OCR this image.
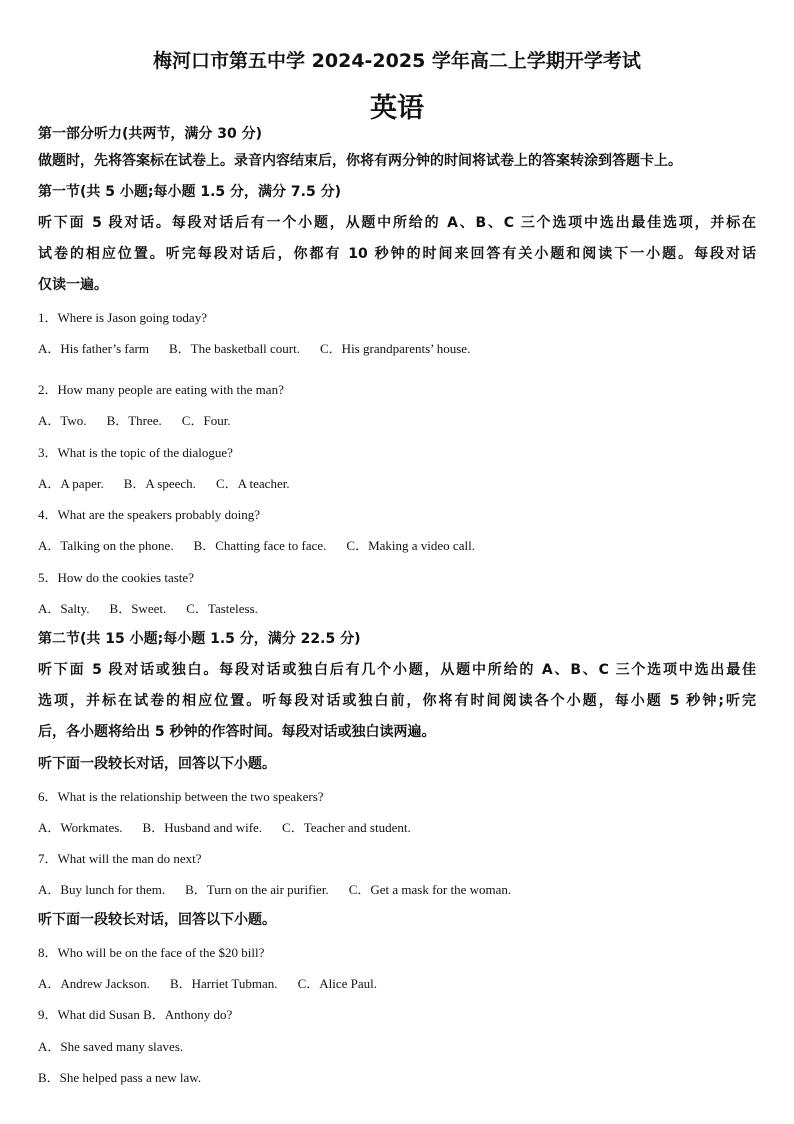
梅河口市第五中学 2024-2025 学年高二上学期开学考试
英语
第一部分听力(共两节，满分 30 分)
做题时，先将答案标在试卷上。录音内容结束后，你将有两分钟的时间将试卷上的答案转涂到答题卡上。
第一节(共 5 小题;每小题 1.5 分，满分 7.5 分)
听下面 5 段对话。每段对话后有一个小题，从题中所给的 A、B、C 三个选项中选出最佳选项，并标在
试卷的相应位置。听完每段对话后，你都有 10 秒钟的时间来回答有关小题和阅读下一小题。每段对话
仅读一遍。
1．Where is Jason going today?
A．His father’s farm B．The basketball court. C．His grandparents’ house.
2．How many people are eating with the man?
A．Two. B．Three. C．Four.
3．What is the topic of the dialogue?
A．A paper. B．A speech. C．A teacher.
4．What are the speakers probably doing?
A．Talking on the phone. B．Chatting face to face. C．Making a video call.
5．How do the cookies taste?
A．Salty. B．Sweet. C．Tasteless.
第二节(共 15 小题;每小题 1.5 分，满分 22.5 分)
听下面 5 段对话或独白。每段对话或独白后有几个小题，从题中所给的 A、B、C 三个选项中选出最佳
选项，并标在试卷的相应位置。听每段对话或独白前，你将有时间阅读各个小题，每小题 5 秒钟;听完
后，各小题将给出 5 秒钟的作答时间。每段对话或独白读两遍。
听下面一段较长对话，回答以下小题。
6．What is the relationship between the two speakers?
A．Workmates. B．Husband and wife. C．Teacher and student.
7．What will the man do next?
A．Buy lunch for them. B．Turn on the air purifier. C．Get a mask for the woman.
听下面一段较长对话，回答以下小题。
8．Who will be on the face of the $20 bill?
A．Andrew Jackson. B．Harriet Tubman. C．Alice Paul.
9．What did Susan B．Anthony do?
A．She saved many slaves.
B．She helped pass a new law.
